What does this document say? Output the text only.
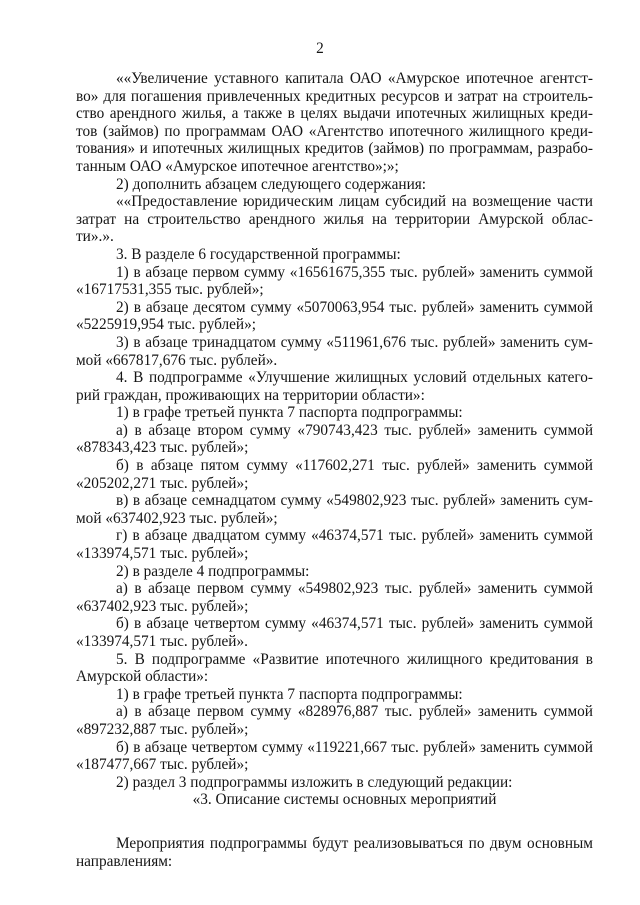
2
««Увеличение уставного капитала ОАО «Амурское ипотечное агентст-
во» для погашения привлеченных кредитных ресурсов и затрат на строитель-
ство арендного жилья, а также в целях выдачи ипотечных жилищных креди-
тов (займов) по программам ОАО «Агентство ипотечного жилищного креди-
тования» и ипотечных жилищных кредитов (займов) по программам, разрабо-
танным ОАО «Амурское ипотечное агентство»;»;
2) дополнить абзацем следующего содержания:
««Предоставление юридическим лицам субсидий на возмещение части
затрат на строительство арендного жилья на территории Амурской облас-
ти».».
3. В разделе 6 государственной программы:
1) в абзаце первом сумму «16561675,355 тыс. рублей» заменить суммой
«16717531,355 тыс. рублей»;
2) в абзаце десятом сумму «5070063,954 тыс. рублей» заменить суммой
«5225919,954 тыс. рублей»;
3) в абзаце тринадцатом сумму «511961,676 тыс. рублей» заменить сум-
мой «667817,676 тыс. рублей».
4. В подпрограмме «Улучшение жилищных условий отдельных катего-
рий граждан, проживающих на территории области»:
1) в графе третьей пункта 7 паспорта подпрограммы:
а) в абзаце втором сумму «790743,423 тыс. рублей» заменить суммой
«878343,423 тыс. рублей»;
б) в абзаце пятом сумму «117602,271 тыс. рублей» заменить суммой
«205202,271 тыс. рублей»;
в) в абзаце семнадцатом сумму «549802,923 тыс. рублей» заменить сум-
мой «637402,923 тыс. рублей»;
г) в абзаце двадцатом сумму «46374,571 тыс. рублей» заменить суммой
«133974,571 тыс. рублей»;
2) в разделе 4 подпрограммы:
а) в абзаце первом сумму «549802,923 тыс. рублей» заменить суммой
«637402,923 тыс. рублей»;
б) в абзаце четвертом сумму «46374,571 тыс. рублей» заменить суммой
«133974,571 тыс. рублей».
5. В подпрограмме «Развитие ипотечного жилищного кредитования в
Амурской области»:
1) в графе третьей пункта 7 паспорта подпрограммы:
а) в абзаце первом сумму «828976,887 тыс. рублей» заменить суммой
«897232,887 тыс. рублей»;
б) в абзаце четвертом сумму «119221,667 тыс. рублей» заменить суммой
«187477,667 тыс. рублей»;
2) раздел 3 подпрограммы изложить в следующий редакции:
«3. Описание системы основных мероприятий
Мероприятия подпрограммы будут реализовываться по двум основным
направлениям:
